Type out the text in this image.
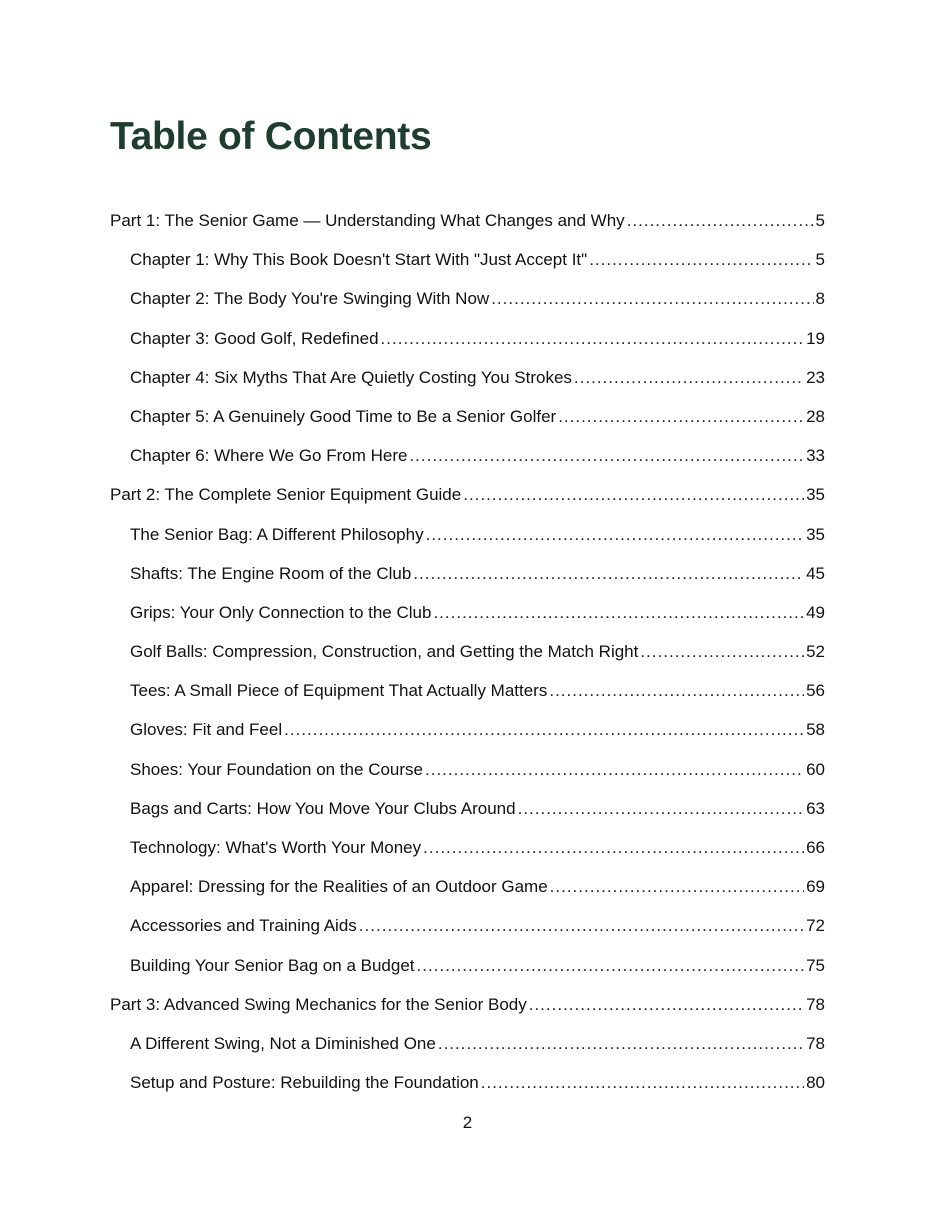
Table of Contents
Part 1: The Senior Game — Understanding What Changes and Why .....	5
Chapter 1: Why This Book Doesn't Start With "Just Accept It" .....	5
Chapter 2: The Body You're Swinging With Now .....	8
Chapter 3: Good Golf, Redefined .....	19
Chapter 4: Six Myths That Are Quietly Costing You Strokes .....	23
Chapter 5: A Genuinely Good Time to Be a Senior Golfer .....	28
Chapter 6: Where We Go From Here .....	33
Part 2: The Complete Senior Equipment Guide .....	35
The Senior Bag: A Different Philosophy .....	35
Shafts: The Engine Room of the Club .....	45
Grips: Your Only Connection to the Club .....	49
Golf Balls: Compression, Construction, and Getting the Match Right .....	52
Tees: A Small Piece of Equipment That Actually Matters .....	56
Gloves: Fit and Feel .....	58
Shoes: Your Foundation on the Course .....	60
Bags and Carts: How You Move Your Clubs Around .....	63
Technology: What's Worth Your Money .....	66
Apparel: Dressing for the Realities of an Outdoor Game .....	69
Accessories and Training Aids .....	72
Building Your Senior Bag on a Budget .....	75
Part 3: Advanced Swing Mechanics for the Senior Body .....	78
A Different Swing, Not a Diminished One .....	78
Setup and Posture: Rebuilding the Foundation .....	80
2
